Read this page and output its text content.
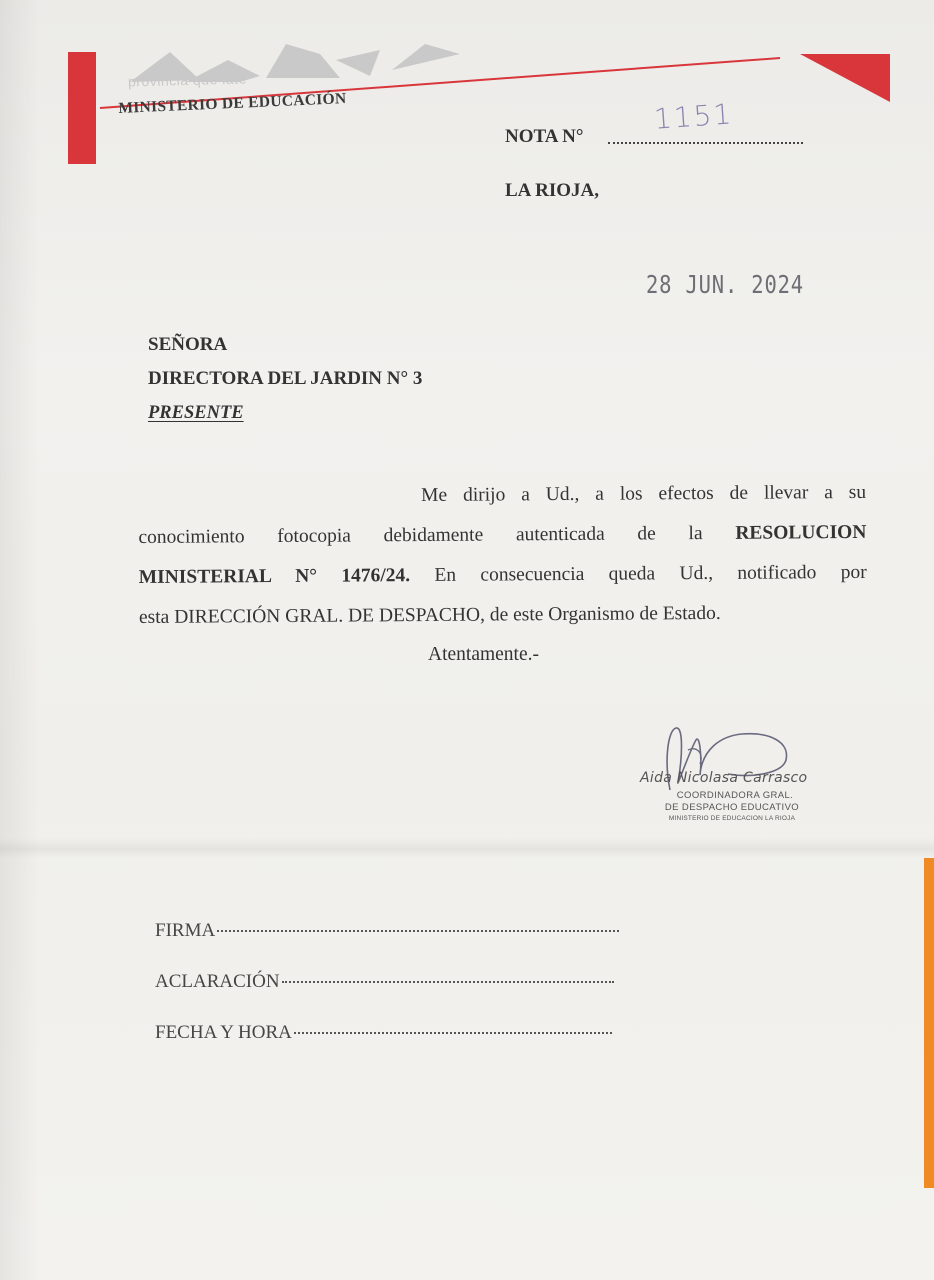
provincia que late
MINISTERIO DE EDUCACIÓN
NOTA N°
1151
LA RIOJA,
28 JUN. 2024
SEÑORA
DIRECTORA DEL JARDIN N° 3
PRESENTE
Me dirijo a Ud., a los efectos de llevar a su
conocimiento fotocopia debidamente autenticada de la RESOLUCION
MINISTERIAL N° 1476/24. En consecuencia queda Ud., notificado por
esta DIRECCIÓN GRAL. DE DESPACHO, de este Organismo de Estado.
Atentamente.-
Aida Nicolasa Carrasco
COORDINADORA GRAL.
DE DESPACHO EDUCATIVO
MINISTERIO DE EDUCACION LA RIOJA
FIRMA
ACLARACIÓN
FECHA Y HORA
